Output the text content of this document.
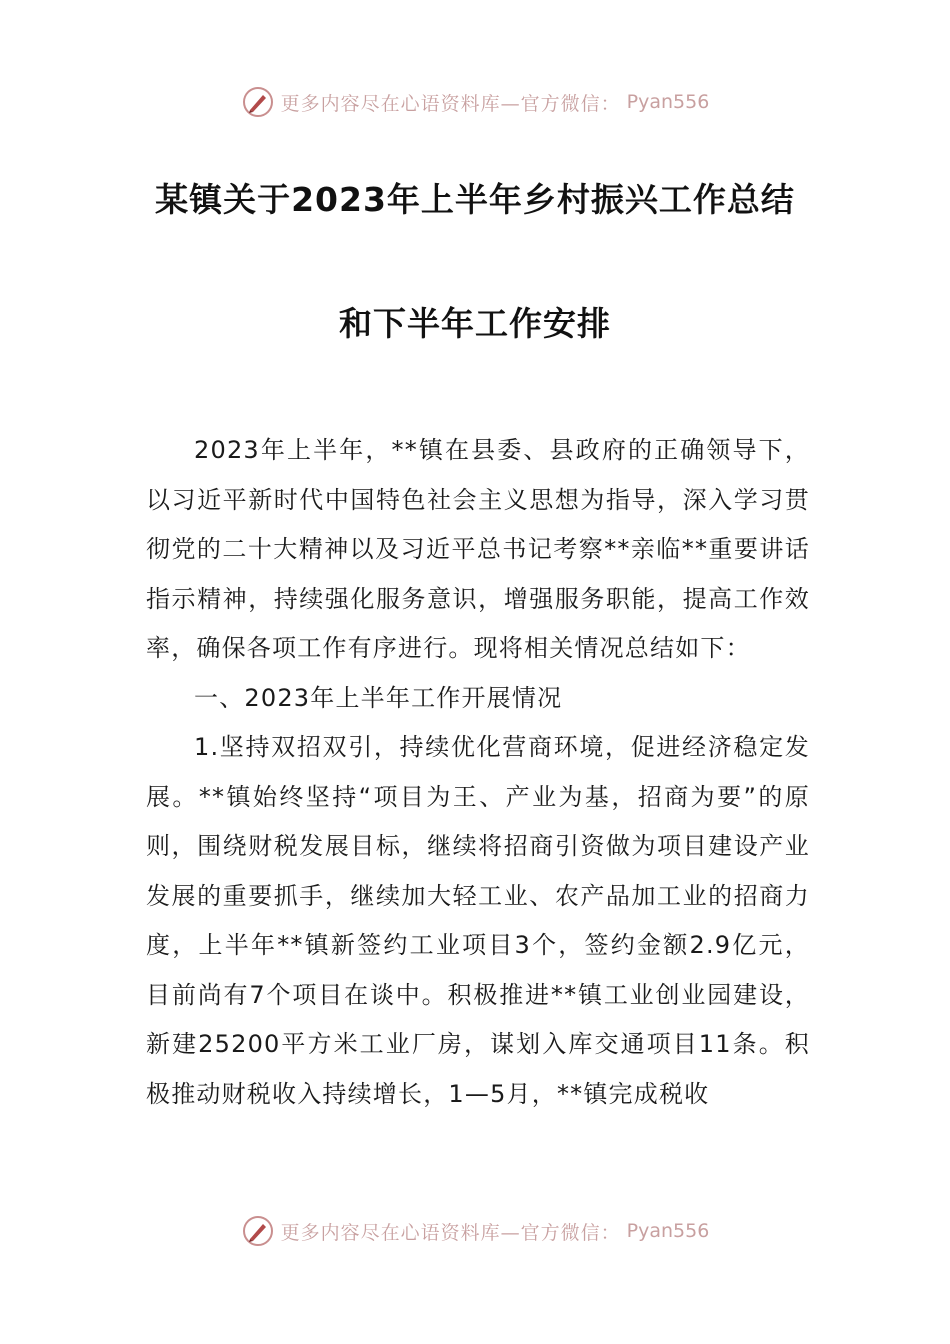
更多内容尽在心语资料库—官方微信： Pyan556
某镇关于2023年上半年乡村振兴工作总结
和下半年工作安排

2023年上半年，**镇在县委、县政府的正确领导下，以习近平新时代中国特色社会主义思想为指导，深入学习贯彻党的二十大精神以及习近平总书记考察**亲临**重要讲话指示精神，持续强化服务意识，增强服务职能，提高工作效率，确保各项工作有序进行。现将相关情况总结如下：

一、2023年上半年工作开展情况

1.坚持双招双引，持续优化营商环境，促进经济稳定发展。**镇始终坚持“项目为王、产业为基，招商为要”的原则，围绕财税发展目标，继续将招商引资做为项目建设产业发展的重要抓手，继续加大轻工业、农产品加工业的招商力度，上半年**镇新签约工业项目3个，签约金额2.9亿元，目前尚有7个项目在谈中。积极推进**镇工业创业园建设，新建25200平方米工业厂房，谋划入库交通项目11条。积极推动财税收入持续增长，1—5月，**镇完成税收

更多内容尽在心语资料库—官方微信： Pyan556
